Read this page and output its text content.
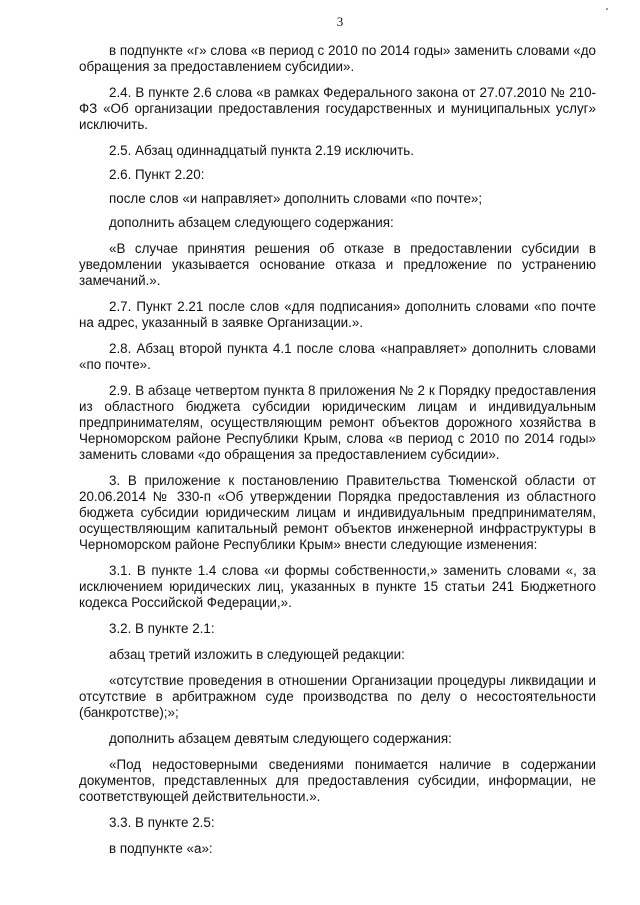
3

в подпункте «г» слова «в период с 2010 по 2014 годы» заменить словами «до обращения за предоставлением субсидии».

2.4. В пункте 2.6 слова «в рамках Федерального закона от 27.07.2010 № 210-ФЗ «Об организации предоставления государственных и муниципальных услуг» исключить.

2.5. Абзац одиннадцатый пункта 2.19 исключить.

2.6. Пункт 2.20:

после слов «и направляет» дополнить словами «по почте»;

дополнить абзацем следующего содержания:

«В случае принятия решения об отказе в предоставлении субсидии в уведомлении указывается основание отказа и предложение по устранению замечаний.».

2.7. Пункт 2.21 после слов «для подписания» дополнить словами «по почте на адрес, указанный в заявке Организации.».

2.8. Абзац второй пункта 4.1 после слова «направляет» дополнить словами «по почте».

2.9. В абзаце четвертом пункта 8 приложения № 2 к Порядку предоставления из областного бюджета субсидии юридическим лицам и индивидуальным предпринимателям, осуществляющим ремонт объектов дорожного хозяйства в Черноморском районе Республики Крым, слова «в период с 2010 по 2014 годы» заменить словами «до обращения за предоставлением субсидии».

3. В приложение к постановлению Правительства Тюменской области от 20.06.2014 № 330-п «Об утверждении Порядка предоставления из областного бюджета субсидии юридическим лицам и индивидуальным предпринимателям, осуществляющим капитальный ремонт объектов инженерной инфраструктуры в Черноморском районе Республики Крым» внести следующие изменения:

3.1. В пункте 1.4 слова «и формы собственности,» заменить словами «, за исключением юридических лиц, указанных в пункте 15 статьи 241 Бюджетного кодекса Российской Федерации,».

3.2. В пункте 2.1:

абзац третий изложить в следующей редакции:

«отсутствие проведения в отношении Организации процедуры ликвидации и отсутствие в арбитражном суде производства по делу о несостоятельности (банкротстве);»;

дополнить абзацем девятым следующего содержания:

«Под недостоверными сведениями понимается наличие в содержании документов, представленных для предоставления субсидии, информации, не соответствующей действительности.».

3.3. В пункте 2.5:

в подпункте «а»:
